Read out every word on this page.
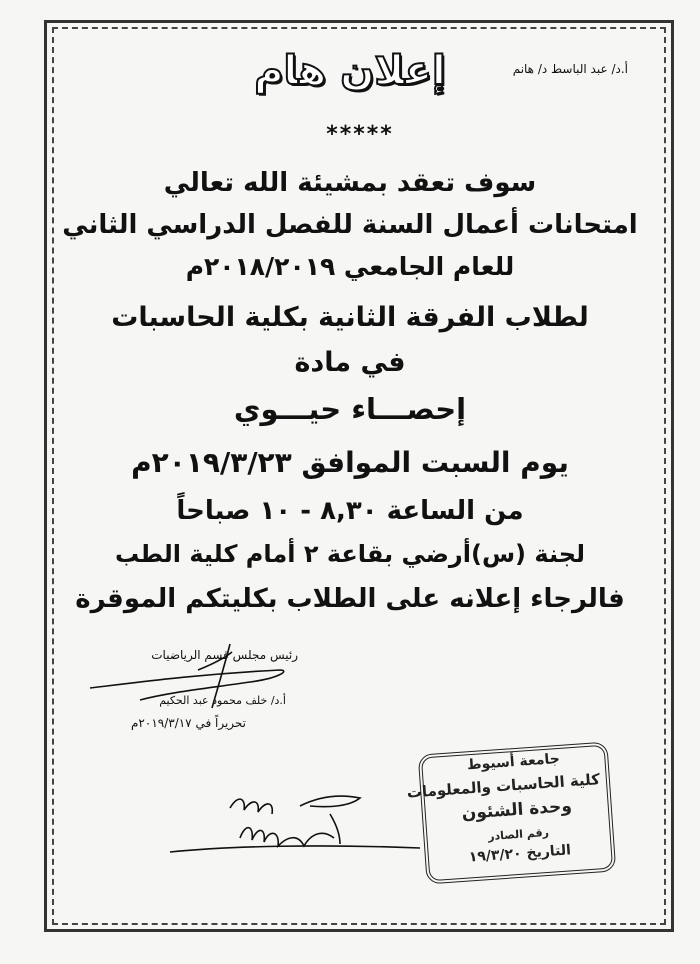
أ.د/ عبد الباسط د/ هانم
إعلان هام
*****
سوف تعقد بمشيئة الله تعالي
امتحانات أعمال السنة للفصل الدراسي الثاني
للعام الجامعي ٢٠١٨/٢٠١٩م
لطلاب الفرقة الثانية بكلية الحاسبات
في مادة
إحصـــاء حيـــوي
يوم السبت الموافق ٢٠١٩/٣/٢٣م
من الساعة ٨,٣٠ - ١٠ صباحاً
لجنة (س)أرضي بقاعة ٢ أمام كلية الطب
فالرجاء إعلانه على الطلاب بكليتكم الموقرة
رئيس مجلس قسم الرياضيات
أ.د/ خلف محمود عبد الحكيم
تحريراً في ٢٠١٩/٣/١٧م
جامعة أسيوط
كلية الحاسبات والمعلومات
وحدة الشئون
رقم الصادر
التاريخ ١٩/٣/٢٠
